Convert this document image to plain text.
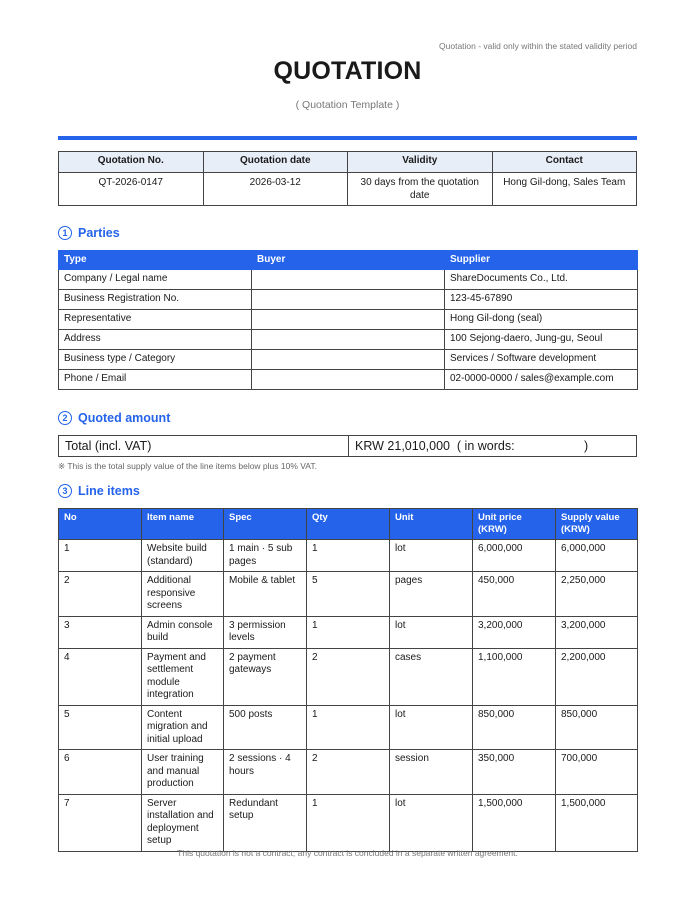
Quotation - valid only within the stated validity period
QUOTATION
( Quotation Template )
Quotation No.	Quotation date	Validity	Contact
QT-2026-0147	2026-03-12	30 days from the quotation date	Hong Gil-dong, Sales Team
1 Parties
Type	Buyer	Supplier
Company / Legal name		ShareDocuments Co., Ltd.
Business Registration No.		123-45-67890
Representative		Hong Gil-dong (seal)
Address		100 Sejong-daero, Jung-gu, Seoul
Business type / Category		Services / Software development
Phone / Email		02-0000-0000 / sales@example.com
2 Quoted amount
Total (incl. VAT)	KRW 21,010,000  ( in words:                    )
※ This is the total supply value of the line items below plus 10% VAT.
3 Line items
No	Item name	Spec	Qty	Unit	Unit price (KRW)	Supply value (KRW)
1	Website build (standard)	1 main · 5 sub pages	1	lot	6,000,000	6,000,000
2	Additional responsive screens	Mobile & tablet	5	pages	450,000	2,250,000
3	Admin console build	3 permission levels	1	lot	3,200,000	3,200,000
4	Payment and settlement module integration	2 payment gateways	2	cases	1,100,000	2,200,000
5	Content migration and initial upload	500 posts	1	lot	850,000	850,000
6	User training and manual production	2 sessions · 4 hours	2	session	350,000	700,000
7	Server installation and deployment setup	Redundant setup	1	lot	1,500,000	1,500,000
This quotation is not a contract; any contract is concluded in a separate written agreement.
